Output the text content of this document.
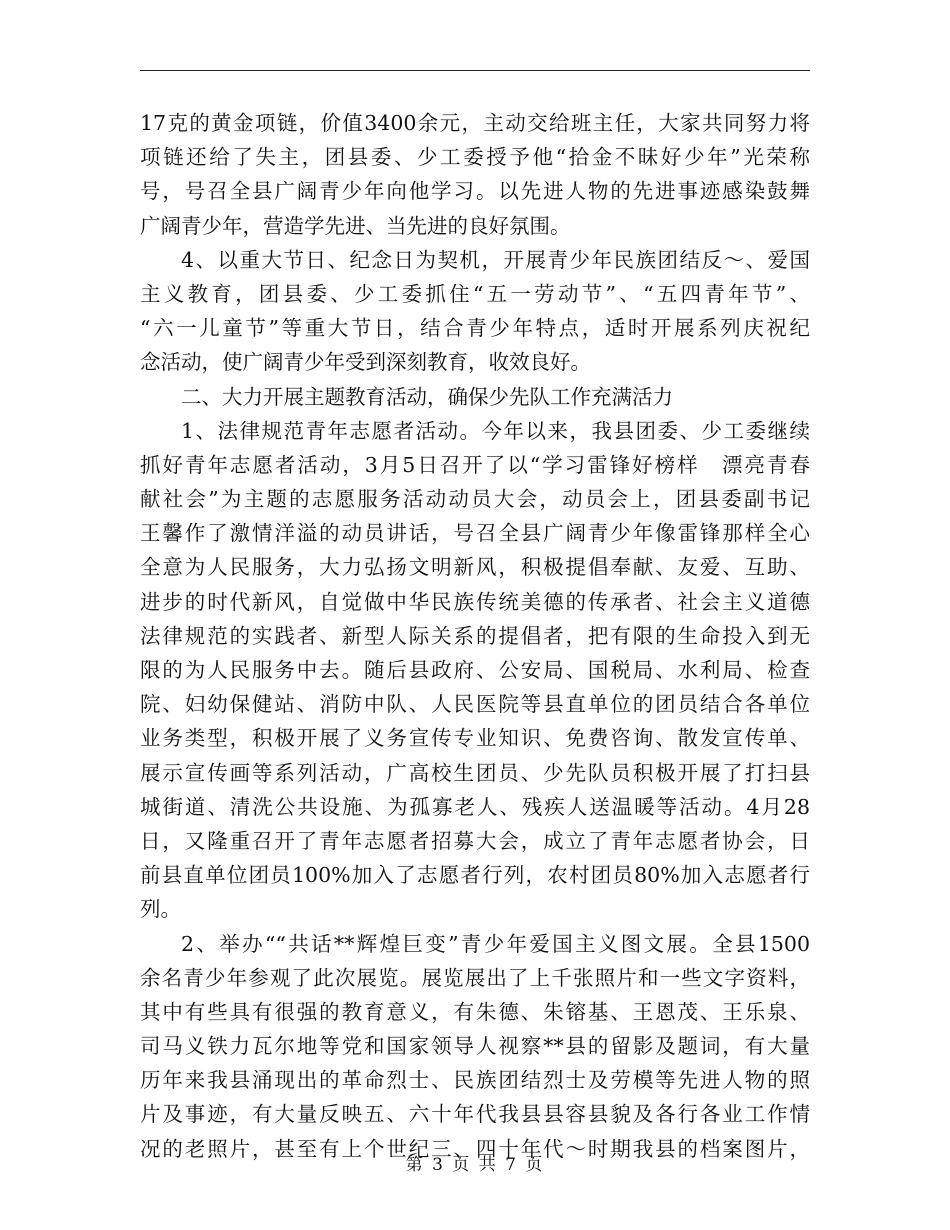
17克的黄金项链，价值3400余元，主动交给班主任，大家共同努力将
项链还给了失主，团县委、少工委授予他“拾金不昧好少年”光荣称
号，号召全县广阔青少年向他学习。以先进人物的先进事迹感染鼓舞
广阔青少年，营造学先进、当先进的良好氛围。
4、以重大节日、纪念日为契机，开展青少年民族团结反～、爱国
主义教育，团县委、少工委抓住“五一劳动节”、“五四青年节”、
“六一儿童节”等重大节日，结合青少年特点，适时开展系列庆祝纪
念活动，使广阔青少年受到深刻教育，收效良好。
二、大力开展主题教育活动，确保少先队工作充满活力
1、法律规范青年志愿者活动。今年以来，我县团委、少工委继续
抓好青年志愿者活动，3月5日召开了以“学习雷锋好榜样　漂亮青春
献社会”为主题的志愿服务活动动员大会，动员会上，团县委副书记
王馨作了激情洋溢的动员讲话，号召全县广阔青少年像雷锋那样全心
全意为人民服务，大力弘扬文明新风，积极提倡奉献、友爱、互助、
进步的时代新风，自觉做中华民族传统美德的传承者、社会主义道德
法律规范的实践者、新型人际关系的提倡者，把有限的生命投入到无
限的为人民服务中去。随后县政府、公安局、国税局、水利局、检查
院、妇幼保健站、消防中队、人民医院等县直单位的团员结合各单位
业务类型，积极开展了义务宣传专业知识、免费咨询、散发宣传单、
展示宣传画等系列活动，广高校生团员、少先队员积极开展了打扫县
城街道、清洗公共设施、为孤寡老人、残疾人送温暖等活动。4月28
日，又隆重召开了青年志愿者招募大会，成立了青年志愿者协会，日
前县直单位团员100%加入了志愿者行列，农村团员80%加入志愿者行
列。
2、举办““共话**辉煌巨变”青少年爱国主义图文展。全县1500
余名青少年参观了此次展览。展览展出了上千张照片和一些文字资料，
其中有些具有很强的教育意义，有朱德、朱镕基、王恩茂、王乐泉、
司马义铁力瓦尔地等党和国家领导人视察**县的留影及题词，有大量
历年来我县涌现出的革命烈士、民族团结烈士及劳模等先进人物的照
片及事迹，有大量反映五、六十年代我县县容县貌及各行各业工作情
况的老照片，甚至有上个世纪三、四十年代～时期我县的档案图片，
第 3 页 共 7 页
